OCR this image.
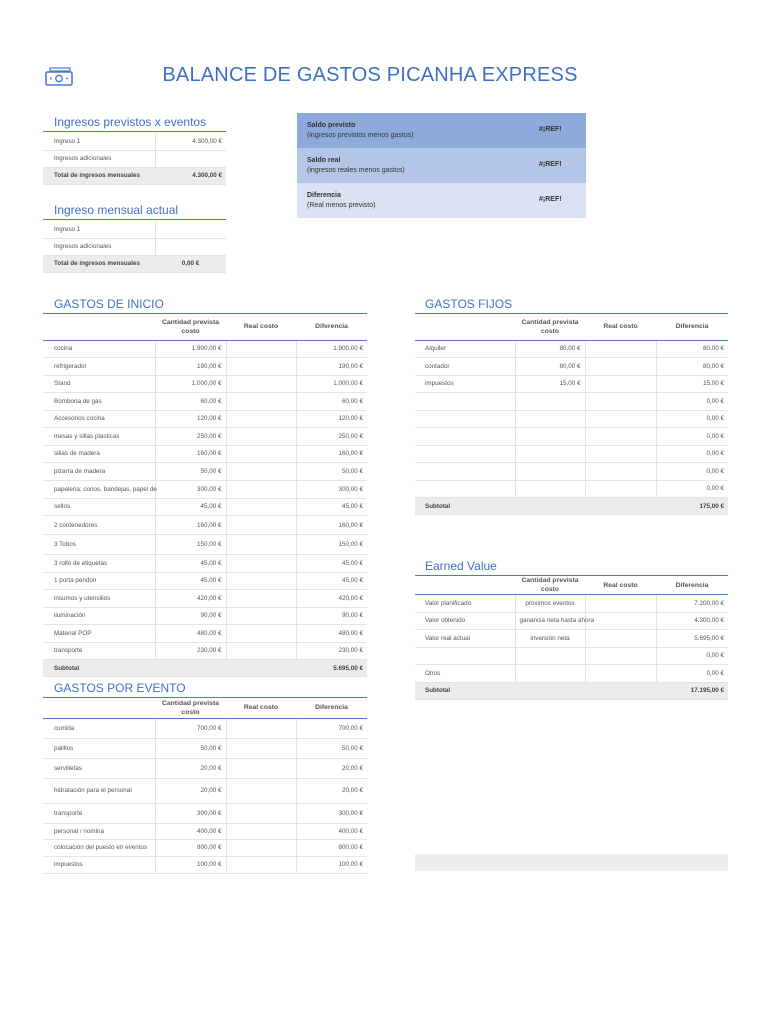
BALANCE DE GASTOS PICANHA EXPRESS
Ingresos previstos x eventos
Ingreso 1	4.300,00 €
Ingresos adicionales	
Total de ingresos mensuales	4.300,00 €
Ingreso mensual actual
Ingreso 1	
Ingresos adicionales	
Total de ingresos mensuales	0,00 €
Saldo previsto
(ingresos previstos menos gastos)
#¡REF!
Saldo real
(ingresos reales menos gastos)
#¡REF!
Diferencia
(Real menos previsto)
#¡REF!
GASTOS DE INICIO
	Cantidad prevista costo	Real costo	Diferencia
cocina	1.900,00 €		1.900,00 €
refrigerador	190,00 €		190,00 €
Stand	1.000,00 €		1.000,00 €
Bombona de gas	60,00 €		60,00 €
Accesorios cocina	120,00 €		120,00 €
mesas y sillas plasticas	250,00 €		250,00 €
sillas de madera	160,00 €		160,00 €
pizarra de madera	50,00 €		50,00 €
papeleria: conos, bandejas, papel de	300,00 €		300,00 €
sellos	45,00 €		45,00 €
2 contenedores	160,00 €		160,00 €
3 Tobos	150,00 €		150,00 €
3 rollo de etiquetas	45,00 €		45,00 €
1 porta pendon	45,00 €		45,00 €
insumos y utensilios	420,00 €		420,00 €
iluminación	90,00 €		90,00 €
Material POP	480,00 €		480,00 €
transporte	230,00 €		230,00 €
Subtotal			5.695,00 €
GASTOS POR EVENTO
	Cantidad prevista costo	Real costo	Diferencia
comida	700,00 €		700,00 €
palillos	50,00 €		50,00 €
servilletas	20,00 €		20,00 €
hidratación para el personal	20,00 €		20,00 €
transporte	300,00 €		300,00 €
personal / nomina	400,00 €		400,00 €
colocación del puesto en eventos	800,00 €		800,00 €
impuestos	100,00 €		100,00 €
GASTOS FIJOS
	Cantidad prevista costo	Real costo	Diferencia
Alquiler	80,00 €		80,00 €
contador	80,00 €		80,00 €
impuestos	15,00 €		15,00 €
			0,00 €
			0,00 €
			0,00 €
			0,00 €
			0,00 €
			0,00 €
Subtotal			175,00 €
Earned Value
	Cantidad prevista costo	Real costo	Diferencia
Valor planificado	proximos eventos		7.200,00 €
Valor obtenido	ganancia neta hasta ahora		4.300,00 €
Valor real actual	inversión neta		5.695,00 €
			0,00 €
Otros			0,00 €
Subtotal			17.195,00 €
